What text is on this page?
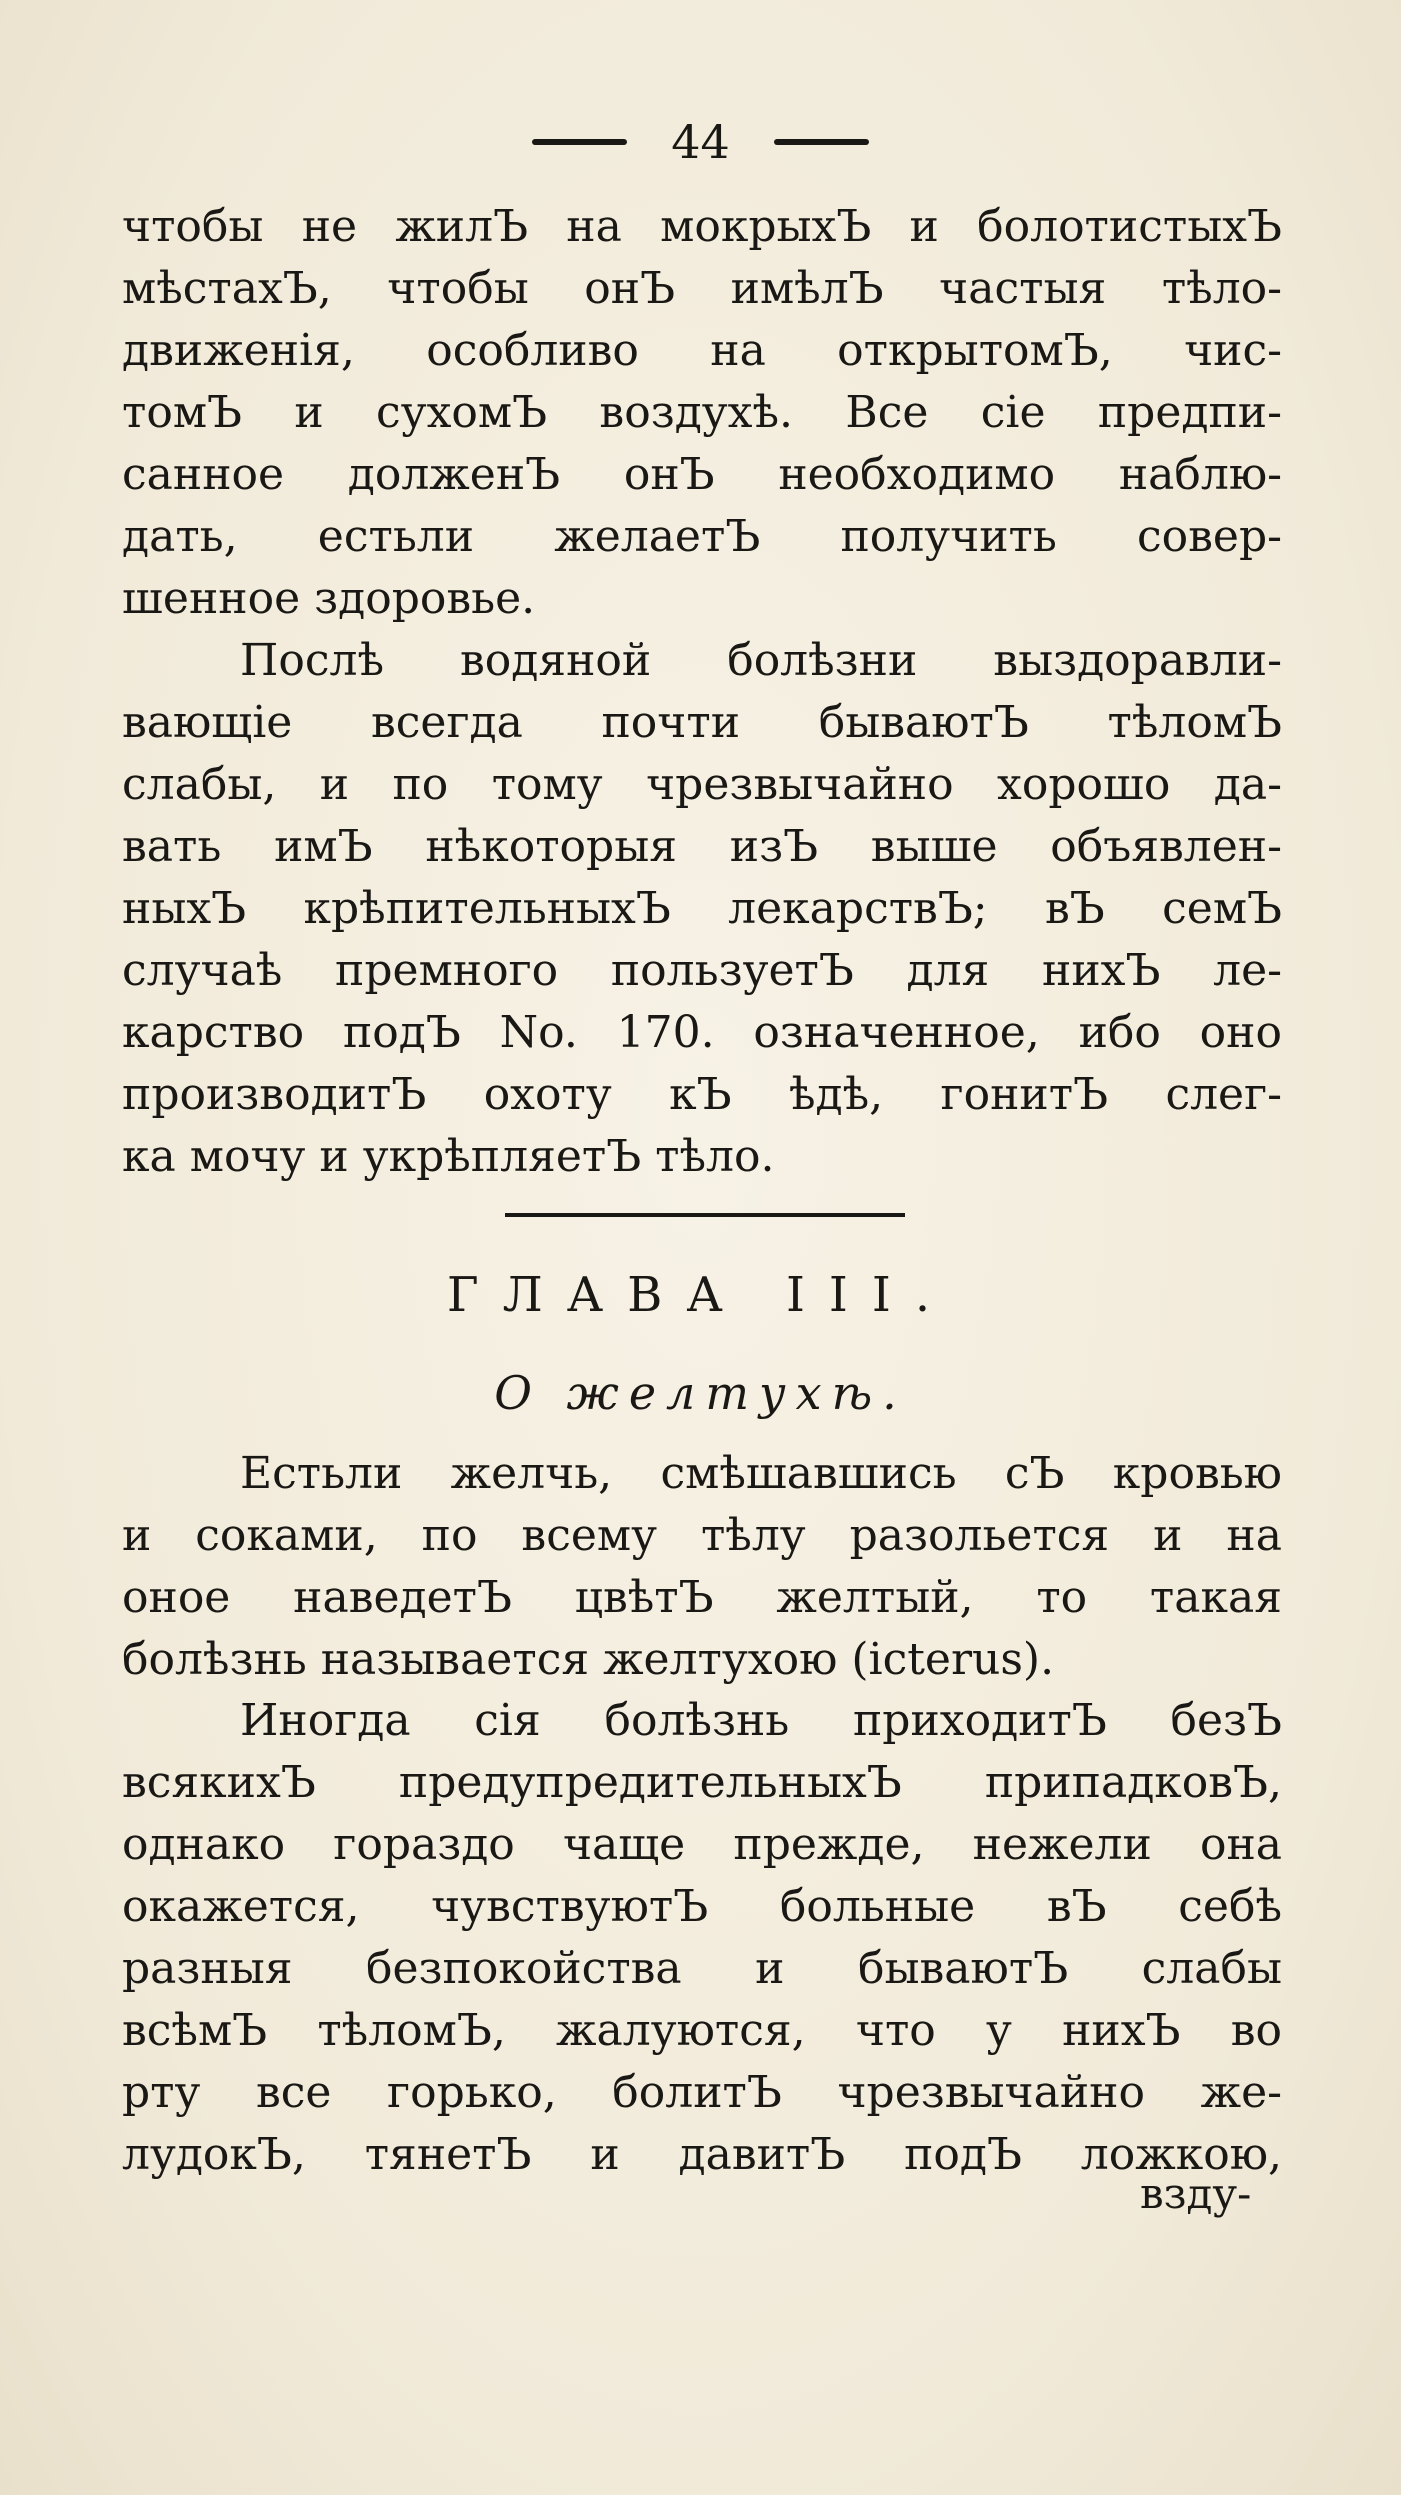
44
чтобы не жилЪ на мокрыхЪ и болотистыхЪ
мѣстахЪ, чтобы онЪ имѣлЪ частыя тѣло-
движенія, особливо на открытомЪ, чис-
томЪ и сухомЪ воздухѣ. Все сіе предпи-
санное долженЪ онЪ необходимо наблю-
дать, естьли желаетЪ получить совер-
шенное здоровье.
Послѣ водяной болѣзни выздоравли-
вающіе всегда почти бываютЪ тѣломЪ
слабы, и по тому чрезвычайно хорошо да-
вать имЪ нѣкоторыя изЪ выше объявлен-
ныхЪ крѣпительныхЪ лекарствЪ; вЪ семЪ
случаѣ премного пользуетЪ для нихЪ ле-
карство подЪ No. 170. означенное, ибо оно
производитЪ охоту кЪ ѣдѣ, гонитЪ слег-
ка мочу и укрѣпляетЪ тѣло.
ГЛАВА III.
О желтухѣ.
Естьли желчь, смѣшавшись сЪ кровью
и соками, по всему тѣлу разольется и на
оное наведетЪ цвѣтЪ желтый, то такая
болѣзнь называется желтухою (icterus).
Иногда сія болѣзнь приходитЪ безЪ
всякихЪ предупредительныхЪ припадковЪ,
однако гораздо чаще прежде, нежели она
окажется, чувствуютЪ больные вЪ себѣ
разныя безпокойства и бываютЪ слабы
всѣмЪ тѣломЪ, жалуются, что у нихЪ во
рту все горько, болитЪ чрезвычайно же-
лудокЪ, тянетЪ и давитЪ подЪ ложкою,
взду-
